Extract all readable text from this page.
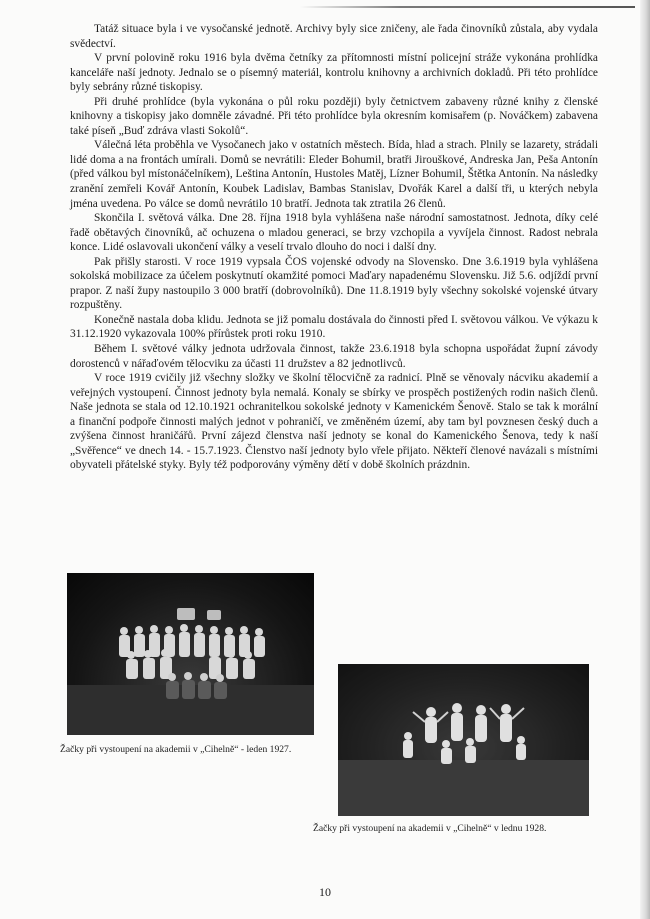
Tatáž situace byla i ve vysočanské jednotě. Archivy byly sice zničeny, ale řada činovníků zůstala, aby vydala svědectví.

V první polovině roku 1916 byla dvěma četníky za přítomnosti místní policejní stráže vykonána prohlídka kanceláře naší jednoty. Jednalo se o písemný materiál, kontrolu knihovny a archivních dokladů. Při této prohlídce byly sebrány různé tiskopisy.

Při druhé prohlídce (byla vykonána o půl roku později) byly četnictvem zabaveny různé knihy z členské knihovny a tiskopisy jako domněle závadné. Při této prohlídce byla okresním komisařem (p. Nováčkem) zabavena také píseň „Buď zdráva vlasti Sokolů“.

Válečná léta proběhla ve Vysočanech jako v ostatních městech. Bída, hlad a strach. Plnily se lazarety, strádali lidé doma a na frontách umírali. Domů se nevrátili: Eleder Bohumil, bratři Jirouškové, Andreska Jan, Peša Antonín (před válkou byl místonáčelníkem), Leština Antonín, Hustoles Matěj, Lízner Bohumil, Štětka Antonín. Na následky zranění zemřeli Kovář Antonín, Koubek Ladislav, Bambas Stanislav, Dvořák Karel a další tři, u kterých nebyla jména uvedena. Po válce se domů nevrátilo 10 bratří. Jednota tak ztratila 26 členů.

Skončila I. světová válka. Dne 28. října 1918 byla vyhlášena naše národní samostatnost. Jednota, díky celé řadě obětavých činovníků, ač ochuzena o mladou generaci, se brzy vzchopila a vyvíjela činnost. Radost nebrala konce. Lidé oslavovali ukončení války a veselí trvalo dlouho do noci i další dny.

Pak přišly starosti. V roce 1919 vypsala ČOS vojenské odvody na Slovensko. Dne 3.6.1919 byla vyhlášena sokolská mobilizace za účelem poskytnutí okamžité pomoci Maďary napadenému Slovensku. Již 5.6. odjíždí první prapor. Z naší župy nastoupilo 3 000 bratří (dobrovolníků). Dne 11.8.1919 byly všechny sokolské vojenské útvary rozpuštěny.

Konečně nastala doba klidu. Jednota se již pomalu dostávala do činnosti před I. světovou válkou. Ve výkazu k 31.12.1920 vykazovala 100% přírůstek proti roku 1910.

Během I. světové války jednota udržovala činnost, takže 23.6.1918 byla schopna uspořádat župní závody dorostenců v nářaďovém tělocviku za účasti 11 družstev a 82 jednotlivců.

V roce 1919 cvičily již všechny složky ve školní tělocvičně za radnicí. Plně se věnovaly nácviku akademií a veřejných vystoupení. Činnost jednoty byla nemalá. Konaly se sbírky ve prospěch postižených rodin našich členů. Naše jednota se stala od 12.10.1921 ochranitelkou sokolské jednoty v Kamenickém Šenově. Stalo se tak k morální a finanční podpoře činnosti malých jednot v pohraničí, ve změněném území, aby tam byl povznesen český duch a zvýšena činnost hraničářů. První zájezd členstva naší jednoty se konal do Kamenického Šenova, tedy k naší „Svěřence“ ve dnech 14. - 15.7.1923. Členstvo naší jednoty bylo vřele přijato. Někteří členové navázali s místními obyvateli přátelské styky. Byly též podporovány výměny dětí v době školních prázdnin.

Žačky při vystoupení na akademii v „Cihelně“ - leden 1927.
Žačky při vystoupení na akademii v „Cihelně“ v lednu 1928.
10
